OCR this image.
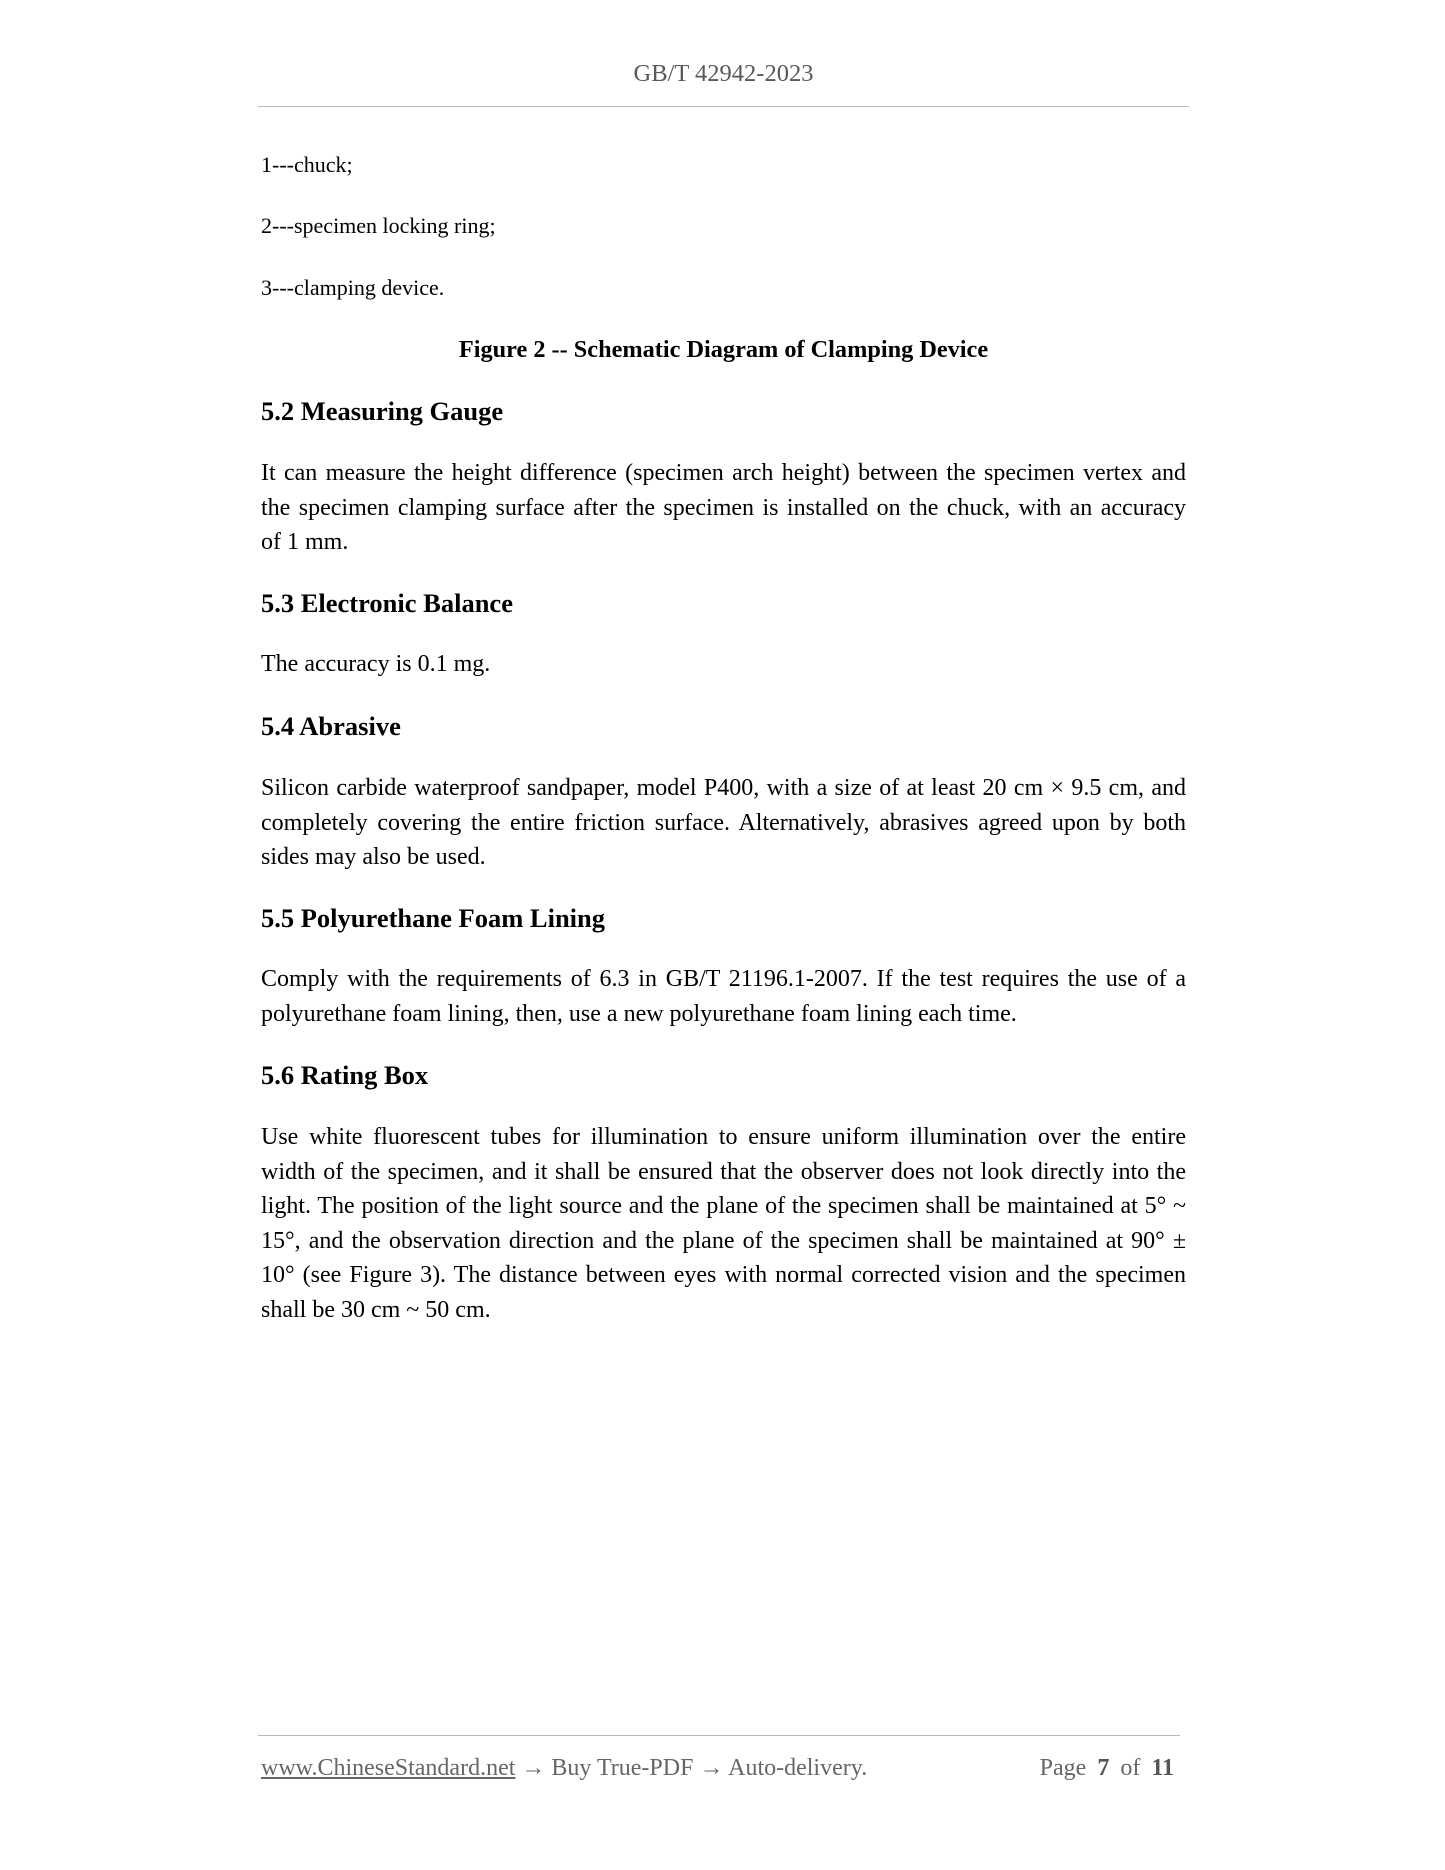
GB/T 42942-2023
1---chuck;
2---specimen locking ring;
3---clamping device.
Figure 2 -- Schematic Diagram of Clamping Device
5.2 Measuring Gauge
It can measure the height difference (specimen arch height) between the specimen vertex and
the specimen clamping surface after the specimen is installed on the chuck, with an accuracy
of 1 mm.
5.3 Electronic Balance
The accuracy is 0.1 mg.
5.4 Abrasive
Silicon carbide waterproof sandpaper, model P400, with a size of at least 20 cm × 9.5 cm, and
completely covering the entire friction surface. Alternatively, abrasives agreed upon by both
sides may also be used.
5.5 Polyurethane Foam Lining
Comply with the requirements of 6.3 in GB/T 21196.1-2007. If the test requires the use of a
polyurethane foam lining, then, use a new polyurethane foam lining each time.
5.6 Rating Box
Use white fluorescent tubes for illumination to ensure uniform illumination over the entire
width of the specimen, and it shall be ensured that the observer does not look directly into the
light. The position of the light source and the plane of the specimen shall be maintained at 5° ~
15°, and the observation direction and the plane of the specimen shall be maintained at 90° ±
10° (see Figure 3). The distance between eyes with normal corrected vision and the specimen
shall be 30 cm ~ 50 cm.
www.ChineseStandard.net → Buy True-PDF → Auto-delivery.	Page 7 of 11
